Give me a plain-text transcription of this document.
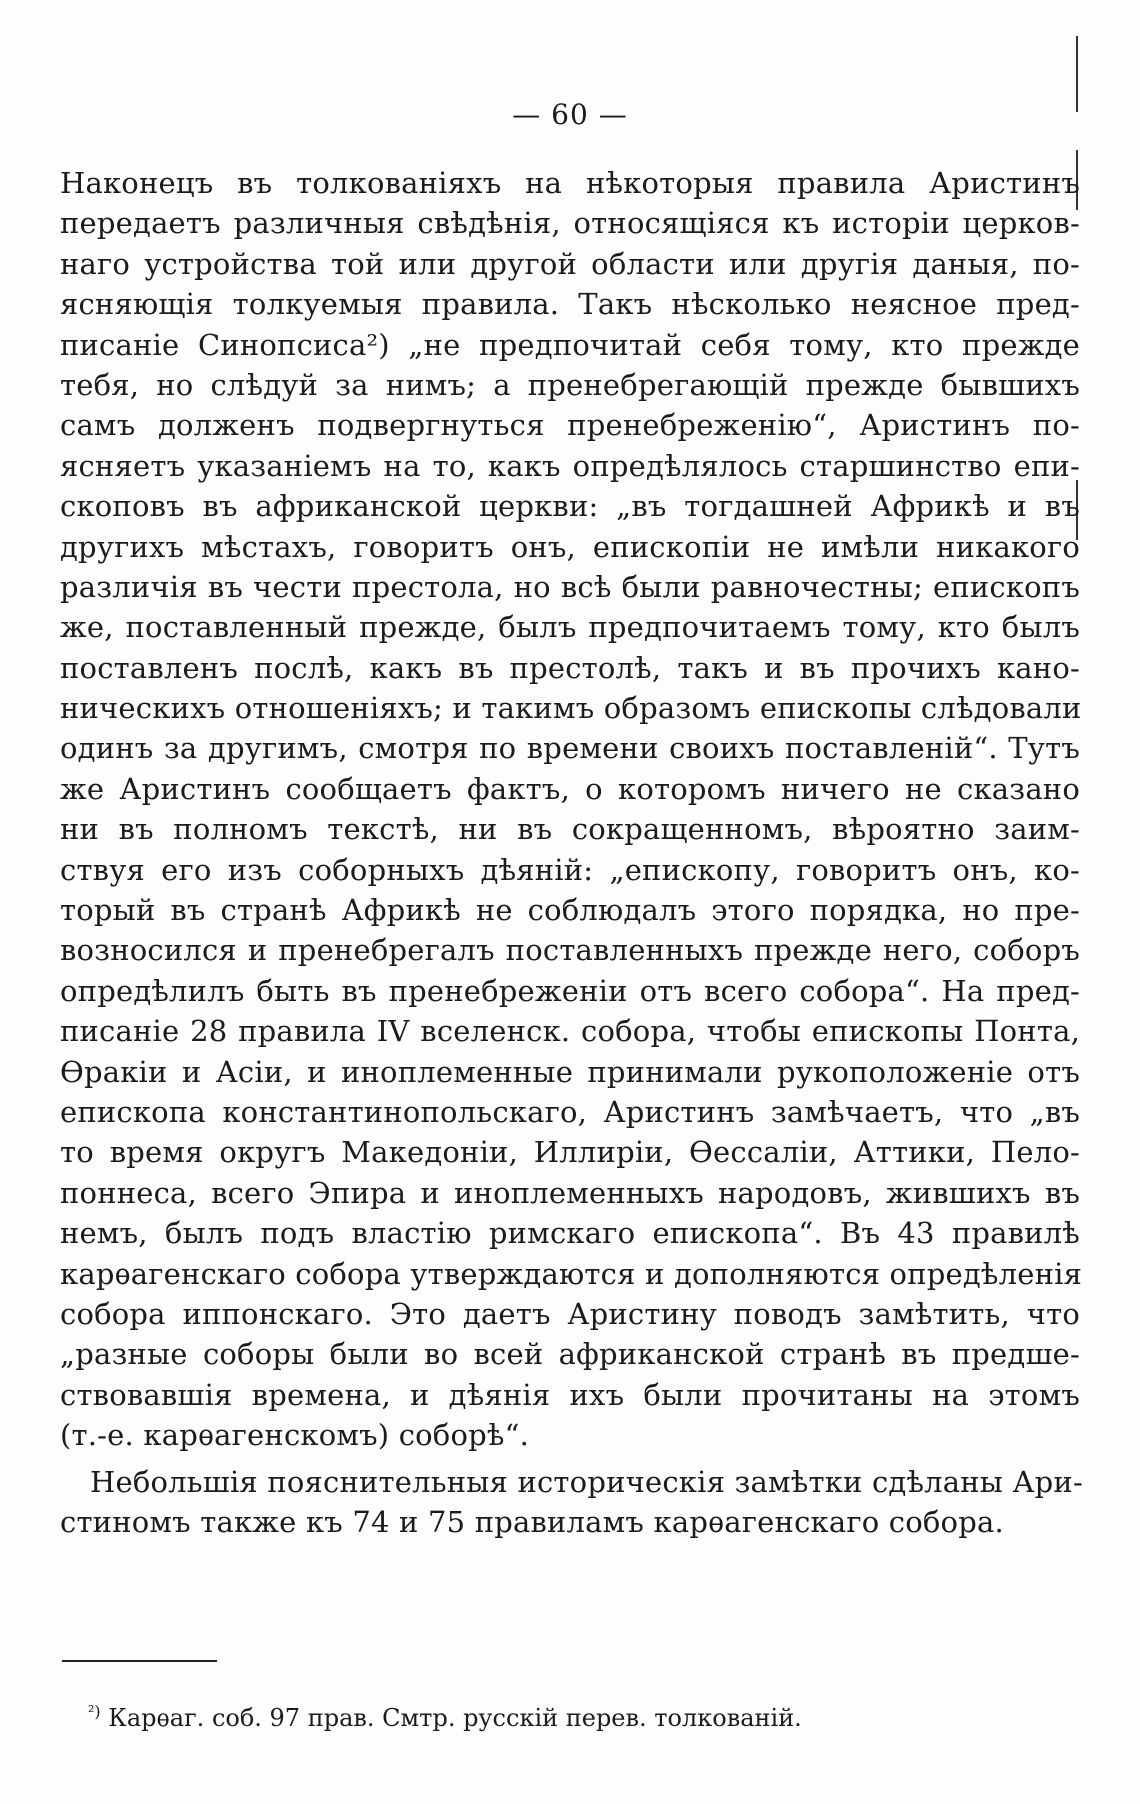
— 60 —
Наконецъ въ толкованіяхъ на нѣкоторыя правила Аристинъ
передаетъ различныя свѣдѣнія, относящіяся къ исторіи церков-
наго устройства той или другой области или другія даныя, по-
ясняющія толкуемыя правила. Такъ нѣсколько неясное пред-
писаніе Синопсиса²) „не предпочитай себя тому, кто прежде
тебя, но слѣдуй за нимъ; а пренебрегающій прежде бывшихъ
самъ долженъ подвергнуться пренебреженію“, Аристинъ по-
ясняетъ указаніемъ на то, какъ опредѣлялось старшинство епи-
скоповъ въ африканской церкви: „въ тогдашней Африкѣ и въ
другихъ мѣстахъ, говоритъ онъ, епископіи не имѣли никакого
различія въ чести престола, но всѣ были равночестны; епископъ
же, поставленный прежде, былъ предпочитаемъ тому, кто былъ
поставленъ послѣ, какъ въ престолѣ, такъ и въ прочихъ кано-
ническихъ отношеніяхъ; и такимъ образомъ епископы слѣдовали
одинъ за другимъ, смотря по времени своихъ поставленій“. Тутъ
же Аристинъ сообщаетъ фактъ, о которомъ ничего не сказано
ни въ полномъ текстѣ, ни въ сокращенномъ, вѣроятно заим-
ствуя его изъ соборныхъ дѣяній: „епископу, говоритъ онъ, ко-
торый въ странѣ Африкѣ не соблюдалъ этого порядка, но пре-
возносился и пренебрегалъ поставленныхъ прежде него, соборъ
опредѣлилъ быть въ пренебреженіи отъ всего собора“. На пред-
писаніе 28 правила IV вселенск. собора, чтобы епископы Понта,
Ѳракіи и Асіи, и иноплеменные принимали рукоположеніе отъ
епископа константинопольскаго, Аристинъ замѣчаетъ, что „въ
то время округъ Македоніи, Иллиріи, Ѳессаліи, Аттики, Пело-
поннеса, всего Эпира и иноплеменныхъ народовъ, жившихъ въ
немъ, былъ подъ властію римскаго епископа“. Въ 43 правилѣ
карѳагенскаго собора утверждаются и дополняются опредѣленія
собора иппонскаго. Это даетъ Аристину поводъ замѣтить, что
„разные соборы были во всей африканской странѣ въ предше-
ствовавшія времена, и дѣянія ихъ были прочитаны на этомъ
(т.-е. карѳагенскомъ) соборѣ“.
Небольшія пояснительныя историческія замѣтки сдѣланы Ари-
стиномъ также къ 74 и 75 правиламъ карѳагенскаго собора.
$^{^2)}$ Карѳаг. соб. 97 прав. Смтр. русскій перев. толкованій.
